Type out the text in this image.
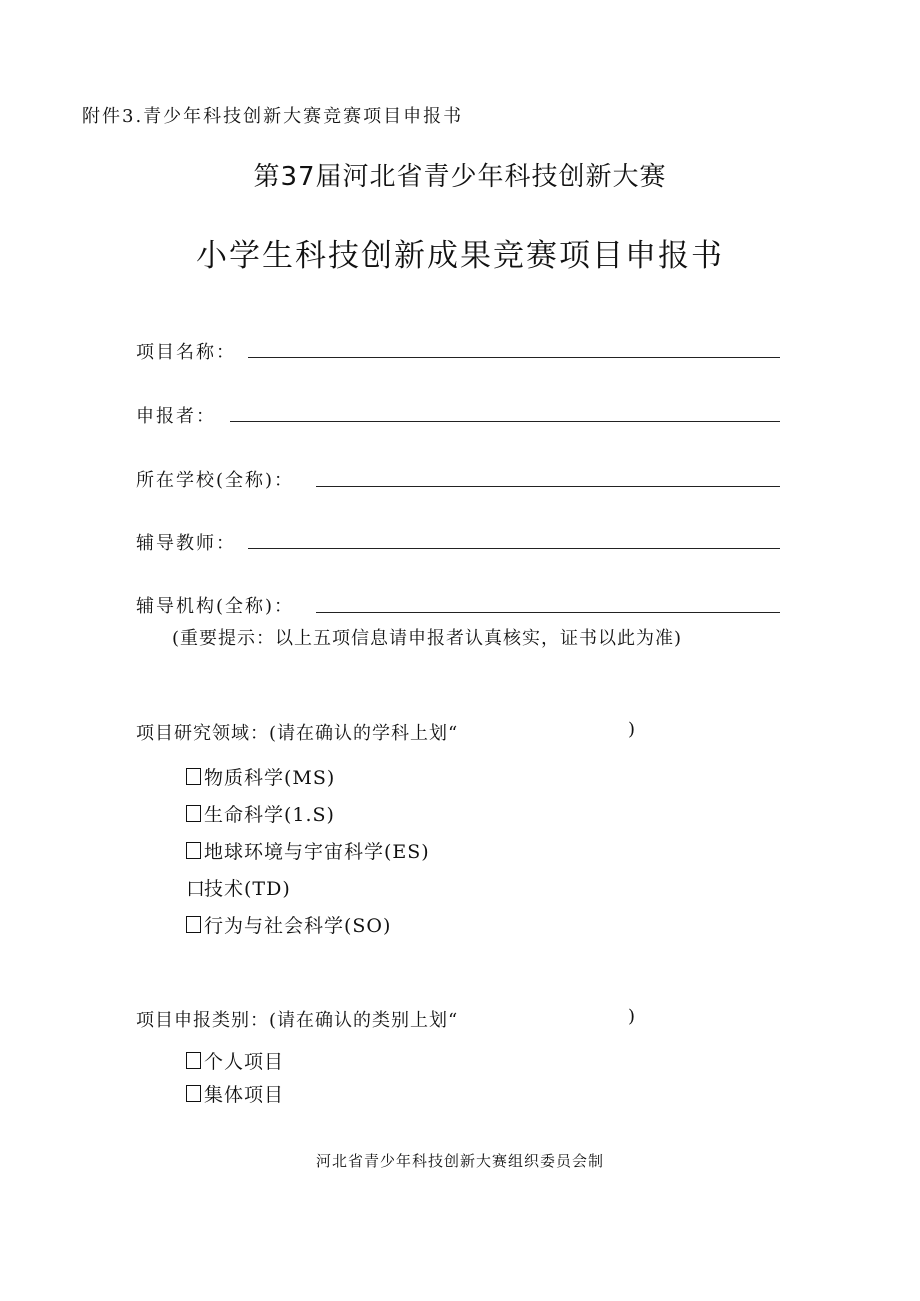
附件3.青少年科技创新大赛竞赛项目申报书
第37届河北省青少年科技创新大赛
小学生科技创新成果竞赛项目申报书
项目名称：
申报者：
所在学校(全称)：
辅导教师：
辅导机构(全称)：
(重要提示：以上五项信息请申报者认真核实，证书以此为准)
项目研究领域：(请在确认的学科上划“	)
物质科学(MS)
生命科学(1.S)
地球环境与宇宙科学(ES)
口
技术(TD)
行为与社会科学(SO)
项目申报类别：(请在确认的类别上划“	)
个人项目
集体项目
河北省青少年科技创新大赛组织委员会制
